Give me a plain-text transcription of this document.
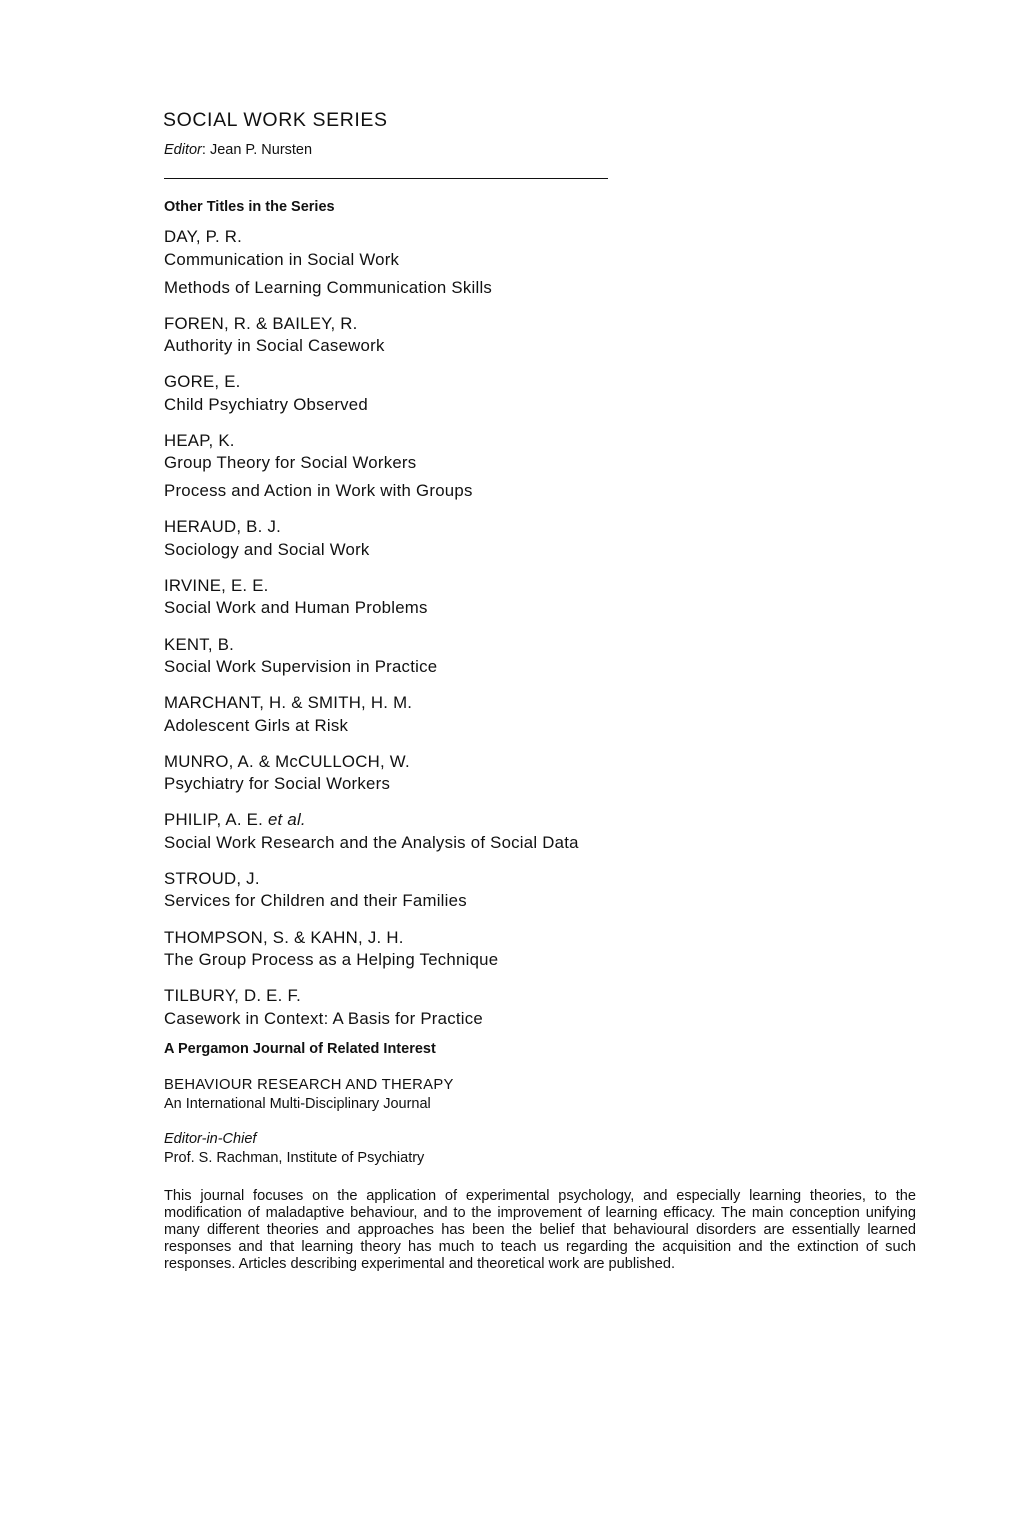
SOCIAL WORK SERIES
Editor: Jean P. Nursten
Other Titles in the Series
DAY, P. R.
Communication in Social Work
Methods of Learning Communication Skills
FOREN, R. & BAILEY, R.
Authority in Social Casework
GORE, E.
Child Psychiatry Observed
HEAP, K.
Group Theory for Social Workers
Process and Action in Work with Groups
HERAUD, B. J.
Sociology and Social Work
IRVINE, E. E.
Social Work and Human Problems
KENT, B.
Social Work Supervision in Practice
MARCHANT, H. & SMITH, H. M.
Adolescent Girls at Risk
MUNRO, A. & McCULLOCH, W.
Psychiatry for Social Workers
PHILIP, A. E. et al.
Social Work Research and the Analysis of Social Data
STROUD, J.
Services for Children and their Families
THOMPSON, S. & KAHN, J. H.
The Group Process as a Helping Technique
TILBURY, D. E. F.
Casework in Context: A Basis for Practice
A Pergamon Journal of Related Interest
BEHAVIOUR RESEARCH AND THERAPY
An International Multi-Disciplinary Journal
Editor-in-Chief
Prof. S. Rachman, Institute of Psychiatry

This journal focuses on the application of experimental psychology, and especially learning theories, to the modification of maladaptive behaviour, and to the improvement of learning efficacy. The main conception unifying many different theories and approaches has been the belief that behavioural disorders are essentially learned responses and that learning theory has much to teach us regarding the acquisition and the extinction of such responses. Articles describing experimental and theoretical work are published.
